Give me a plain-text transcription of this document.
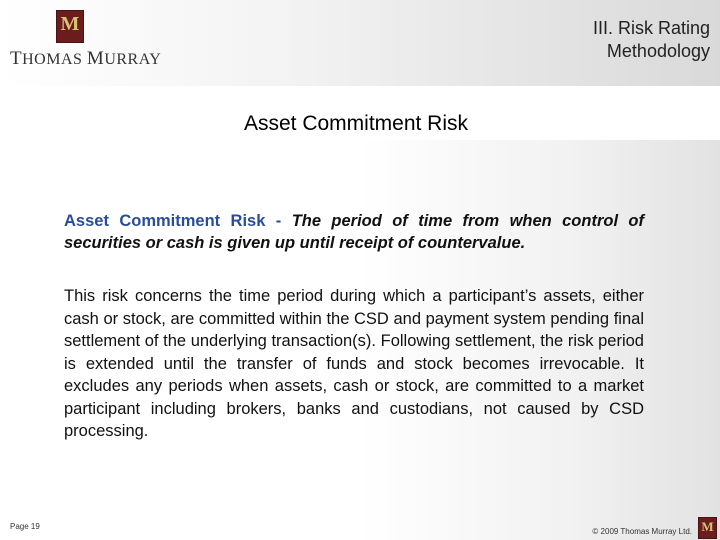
M
THOMAS MURRAY
III. Risk Rating
Methodology
Asset Commitment Risk
Asset Commitment Risk - The period of time from when control of securities or cash is given up until receipt of countervalue.
This risk concerns the time period during which a participant’s assets, either cash or stock, are committed within the CSD and payment system pending final settlement of the underlying transaction(s). Following settlement, the risk period is extended until the transfer of funds and stock becomes irrevocable. It excludes any periods when assets, cash or stock, are committed to a market participant including brokers, banks and custodians, not caused by CSD processing.
Page 19
© 2009 Thomas Murray Ltd. M
